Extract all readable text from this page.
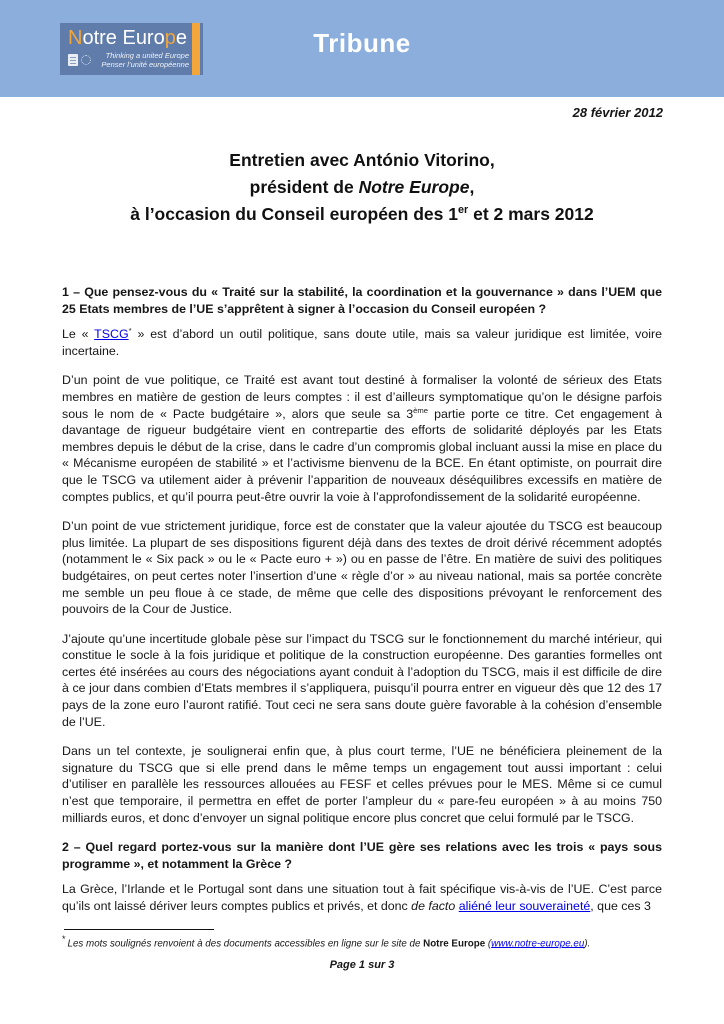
Notre Europe
Thinking a united Europe
Penser l’unité européenne
Tribune
28 février 2012
Entretien avec António Vitorino,
président de Notre Europe,
à l’occasion du Conseil européen des 1er et 2 mars 2012
1 – Que pensez-vous du « Traité sur la stabilité, la coordination et la gouvernance » dans l’UEM que 25 Etats membres de l’UE s’apprêtent à signer à l’occasion du Conseil européen ?

Le « TSCG* » est d’abord un outil politique, sans doute utile, mais sa valeur juridique est limitée, voire incertaine.

D’un point de vue politique, ce Traité est avant tout destiné à formaliser la volonté de sérieux des Etats membres en matière de gestion de leurs comptes : il est d’ailleurs symptomatique qu’on le désigne parfois sous le nom de « Pacte budgétaire », alors que seule sa 3ème partie porte ce titre. Cet engagement à davantage de rigueur budgétaire vient en contrepartie des efforts de solidarité déployés par les Etats membres depuis le début de la crise, dans le cadre d’un compromis global incluant aussi la mise en place du « Mécanisme européen de stabilité » et l’activisme bienvenu de la BCE. En étant optimiste, on pourrait dire que le TSCG va utilement aider à prévenir l’apparition de nouveaux déséquilibres excessifs en matière de comptes publics, et qu’il pourra peut-être ouvrir la voie à l’approfondissement de la solidarité européenne.

D’un point de vue strictement juridique, force est de constater que la valeur ajoutée du TSCG est beaucoup plus limitée. La plupart de ses dispositions figurent déjà dans des textes de droit dérivé récemment adoptés (notamment le « Six pack » ou le « Pacte euro + ») ou en passe de l’être. En matière de suivi des politiques budgétaires, on peut certes noter l’insertion d’une « règle d’or » au niveau national, mais sa portée concrète me semble un peu floue à ce stade, de même que celle des dispositions prévoyant le renforcement des pouvoirs de la Cour de Justice.

J’ajoute qu’une incertitude globale pèse sur l’impact du TSCG sur le fonctionnement du marché intérieur, qui constitue le socle à la fois juridique et politique de la construction européenne. Des garanties formelles ont certes été insérées au cours des négociations ayant conduit à l’adoption du TSCG, mais il est difficile de dire à ce jour dans combien d’Etats membres il s’appliquera, puisqu’il pourra entrer en vigueur dès que 12 des 17 pays de la zone euro l’auront ratifié. Tout ceci ne sera sans doute guère favorable à la cohésion d’ensemble de l’UE.

Dans un tel contexte, je soulignerai enfin que, à plus court terme, l’UE ne bénéficiera pleinement de la signature du TSCG que si elle prend dans le même temps un engagement tout aussi important : celui d’utiliser en parallèle les ressources allouées au FESF et celles prévues pour le MES. Même si ce cumul n’est que temporaire, il permettra en effet de porter l’ampleur du « pare-feu européen » à au moins 750 milliards euros, et donc d’envoyer un signal politique encore plus concret que celui formulé par le TSCG.

2 – Quel regard portez-vous sur la manière dont l’UE gère ses relations avec les trois « pays sous programme », et notamment la Grèce ?

La Grèce, l’Irlande et le Portugal sont dans une situation tout à fait spécifique vis-à-vis de l’UE. C’est parce qu’ils ont laissé dériver leurs comptes publics et privés, et donc de facto aliéné leur souveraineté, que ces 3

* Les mots soulignés renvoient à des documents accessibles en ligne sur le site de Notre Europe (www.notre-europe.eu).
Page 1 sur 3
